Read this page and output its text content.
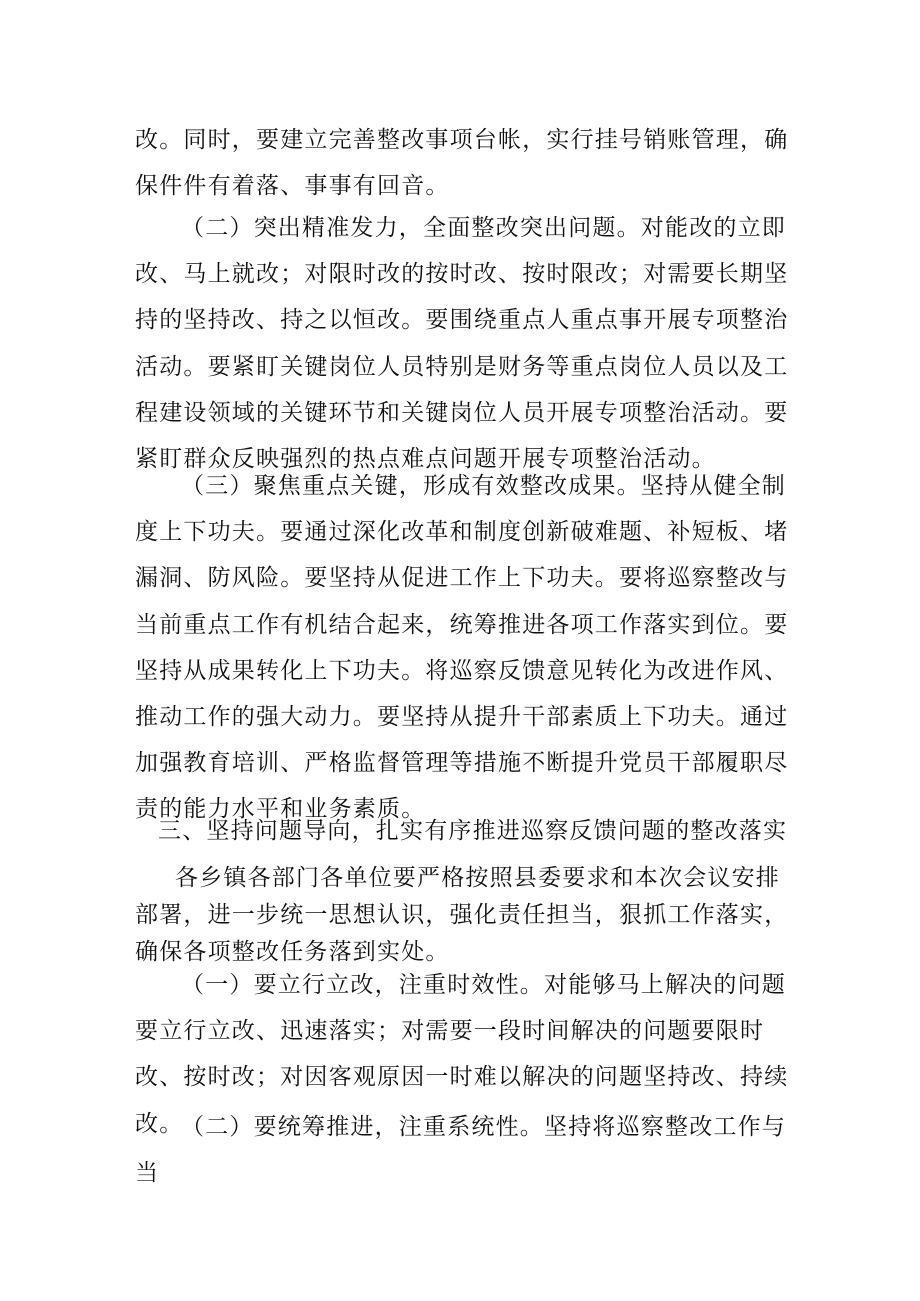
改。同时，要建立完善整改事项台帐，实行挂号销账管理，确保件件有着落、事事有回音。

（二）突出精准发力，全面整改突出问题。对能改的立即改、马上就改；对限时改的按时改、按时限改；对需要长期坚持的坚持改、持之以恒改。要围绕重点人重点事开展专项整治活动。要紧盯关键岗位人员特别是财务等重点岗位人员以及工程建设领域的关键环节和关键岗位人员开展专项整治活动。要紧盯群众反映强烈的热点难点问题开展专项整治活动。

（三）聚焦重点关键，形成有效整改成果。坚持从健全制度上下功夫。要通过深化改革和制度创新破难题、补短板、堵漏洞、防风险。要坚持从促进工作上下功夫。要将巡察整改与当前重点工作有机结合起来，统筹推进各项工作落实到位。要坚持从成果转化上下功夫。将巡察反馈意见转化为改进作风、推动工作的强大动力。要坚持从提升干部素质上下功夫。通过加强教育培训、严格监督管理等措施不断提升党员干部履职尽责的能力水平和业务素质。

三、坚持问题导向，扎实有序推进巡察反馈问题的整改落实

各乡镇各部门各单位要严格按照县委要求和本次会议安排部署，进一步统一思想认识，强化责任担当，狠抓工作落实，确保各项整改任务落到实处。

（一）要立行立改，注重时效性。对能够马上解决的问题要立行立改、迅速落实；对需要一段时间解决的问题要限时改、按时改；对因客观原因一时难以解决的问题坚持改、持续改。

（二）要统筹推进，注重系统性。坚持将巡察整改工作与当
